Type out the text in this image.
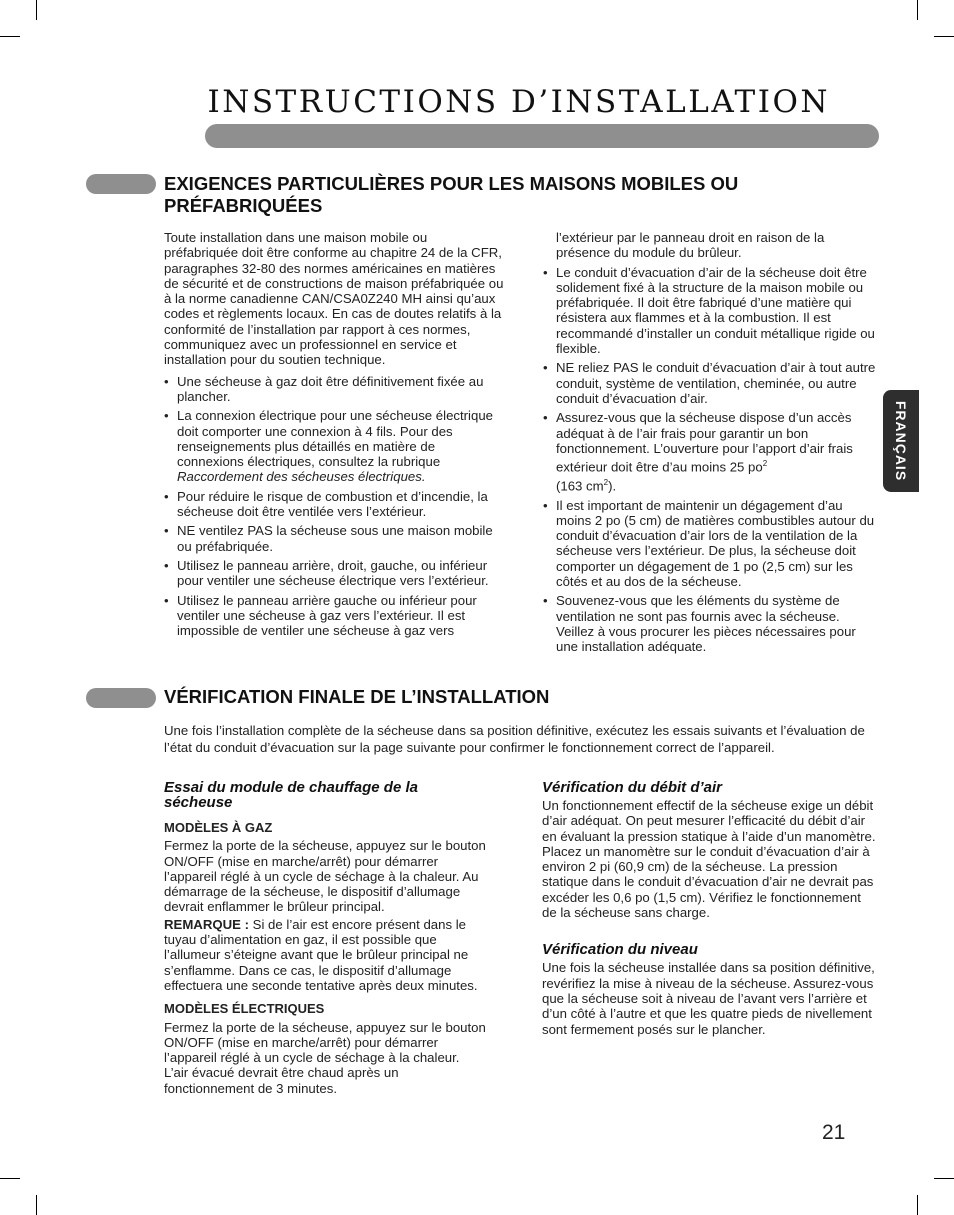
INSTRUCTIONS D’INSTALLATION
FRANÇAIS
EXIGENCES PARTICULIÈRES POUR LES MAISONS MOBILES OU PRÉFABRIQUÉES

Toute installation dans une maison mobile ou préfabriquée doit être conforme au chapitre 24 de la CFR, paragraphes 32-80 des normes américaines en matières de sécurité et de constructions de maison préfabriquée ou à la norme canadienne CAN/CSA0Z240 MH ainsi qu’aux codes et règlements locaux. En cas de doutes relatifs à la conformité de l’installation par rapport à ces normes, communiquez avec un professionnel en service et installation pour du soutien technique.

• Une sécheuse à gaz doit être définitivement fixée au plancher.
• La connexion électrique pour une sécheuse électrique doit comporter une connexion à 4 fils. Pour des renseignements plus détaillés en matière de connexions électriques, consultez la rubrique Raccordement des sécheuses électriques.
• Pour réduire le risque de combustion et d’incendie, la sécheuse doit être ventilée vers l’extérieur.
• NE ventilez PAS la sécheuse sous une maison mobile ou préfabriquée.
• Utilisez le panneau arrière, droit, gauche, ou inférieur pour ventiler une sécheuse électrique vers l’extérieur.
• Utilisez le panneau arrière gauche ou inférieur pour ventiler une sécheuse à gaz vers l’extérieur. Il est impossible de ventiler une sécheuse à gaz vers

l’extérieur par le panneau droit en raison de la présence du module du brûleur.

• Le conduit d’évacuation d’air de la sécheuse doit être solidement fixé à la structure de la maison mobile ou préfabriquée. Il doit être fabriqué d’une matière qui résistera aux flammes et à la combustion. Il est recommandé d’installer un conduit métallique rigide ou flexible.
• NE reliez PAS le conduit d’évacuation d’air à tout autre conduit, système de ventilation, cheminée, ou autre conduit d’évacuation d’air.
• Assurez-vous que la sécheuse dispose d’un accès adéquat à de l’air frais pour garantir un bon fonctionnement. L’ouverture pour l’apport d’air frais extérieur doit être d’au moins 25 $po^2$
(163 $cm^2$).
• Il est important de maintenir un dégagement d’au moins 2 po (5 cm) de matières combustibles autour du conduit d’évacuation d’air lors de la ventilation de la sécheuse vers l’extérieur. De plus, la sécheuse doit comporter un dégagement de 1 po (2,5 cm) sur les côtés et au dos de la sécheuse.
• Souvenez-vous que les éléments du système de ventilation ne sont pas fournis avec la sécheuse. Veillez à vous procurer les pièces nécessaires pour une installation adéquate.
VÉRIFICATION FINALE DE L’INSTALLATION

Une fois l’installation complète de la sécheuse dans sa position définitive, exécutez les essais suivants et l’évaluation de l’état du conduit d’évacuation sur la page suivante pour confirmer le fonctionnement correct de l’appareil.

Essai du module de chauffage de la sécheuse

MODÈLES À GAZ

Fermez la porte de la sécheuse, appuyez sur le bouton ON/OFF (mise en marche/arrêt) pour démarrer l’appareil réglé à un cycle de séchage à la chaleur. Au démarrage de la sécheuse, le dispositif d’allumage devrait enflammer le brûleur principal.

REMARQUE : Si de l’air est encore présent dans le tuyau d’alimentation en gaz, il est possible que l’allumeur s’éteigne avant que le brûleur principal ne s’enflamme. Dans ce cas, le dispositif d’allumage effectuera une seconde tentative après deux minutes.

MODÈLES ÉLECTRIQUES

Fermez la porte de la sécheuse, appuyez sur le bouton ON/OFF (mise en marche/arrêt) pour démarrer l’appareil réglé à un cycle de séchage à la chaleur. L’air évacué devrait être chaud après un fonctionnement de 3 minutes.

Vérification du débit d’air

Un fonctionnement effectif de la sécheuse exige un débit d’air adéquat. On peut mesurer l’efficacité du débit d’air en évaluant la pression statique à l’aide d’un manomètre. Placez un manomètre sur le conduit d’évacuation d’air à environ 2 pi (60,9 cm) de la sécheuse. La pression statique dans le conduit d’évacuation d’air ne devrait pas excéder les 0,6 po (1,5 cm). Vérifiez le fonctionnement de la sécheuse sans charge.

Vérification du niveau

Une fois la sécheuse installée dans sa position définitive, revérifiez la mise à niveau de la sécheuse. Assurez-vous que la sécheuse soit à niveau de l’avant vers l’arrière et d’un côté à l’autre et que les quatre pieds de nivellement sont fermement posés sur le plancher.

21
